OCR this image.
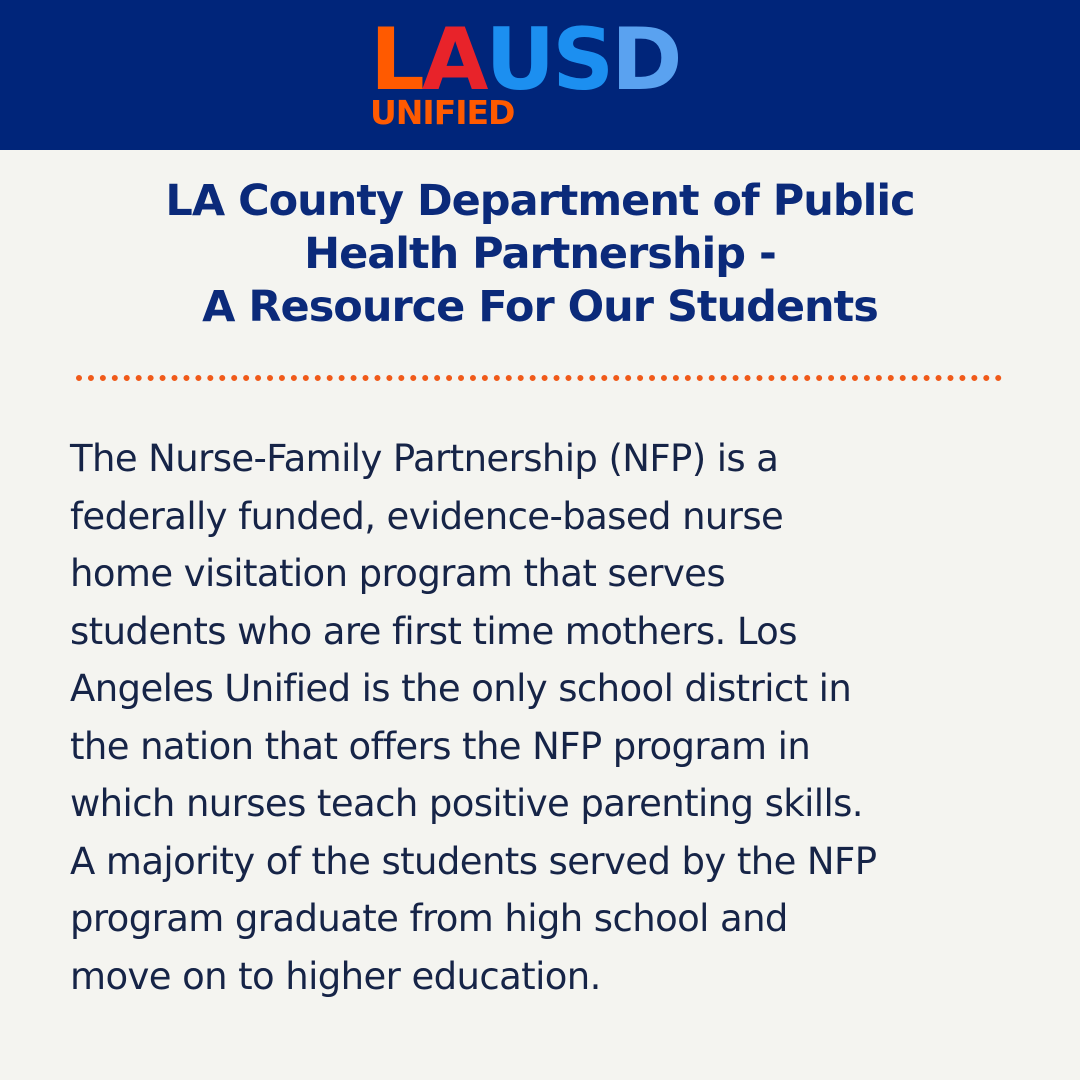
LAUSD
UNIFIED
LA County Department of Public
Health Partnership -
A Resource For Our Students

The Nurse-Family Partnership (NFP) is a
federally funded, evidence-based nurse
home visitation program that serves
students who are first time mothers. Los
Angeles Unified is the only school district in
the nation that offers the NFP program in
which nurses teach positive parenting skills.
A majority of the students served by the NFP
program graduate from high school and
move on to higher education.
